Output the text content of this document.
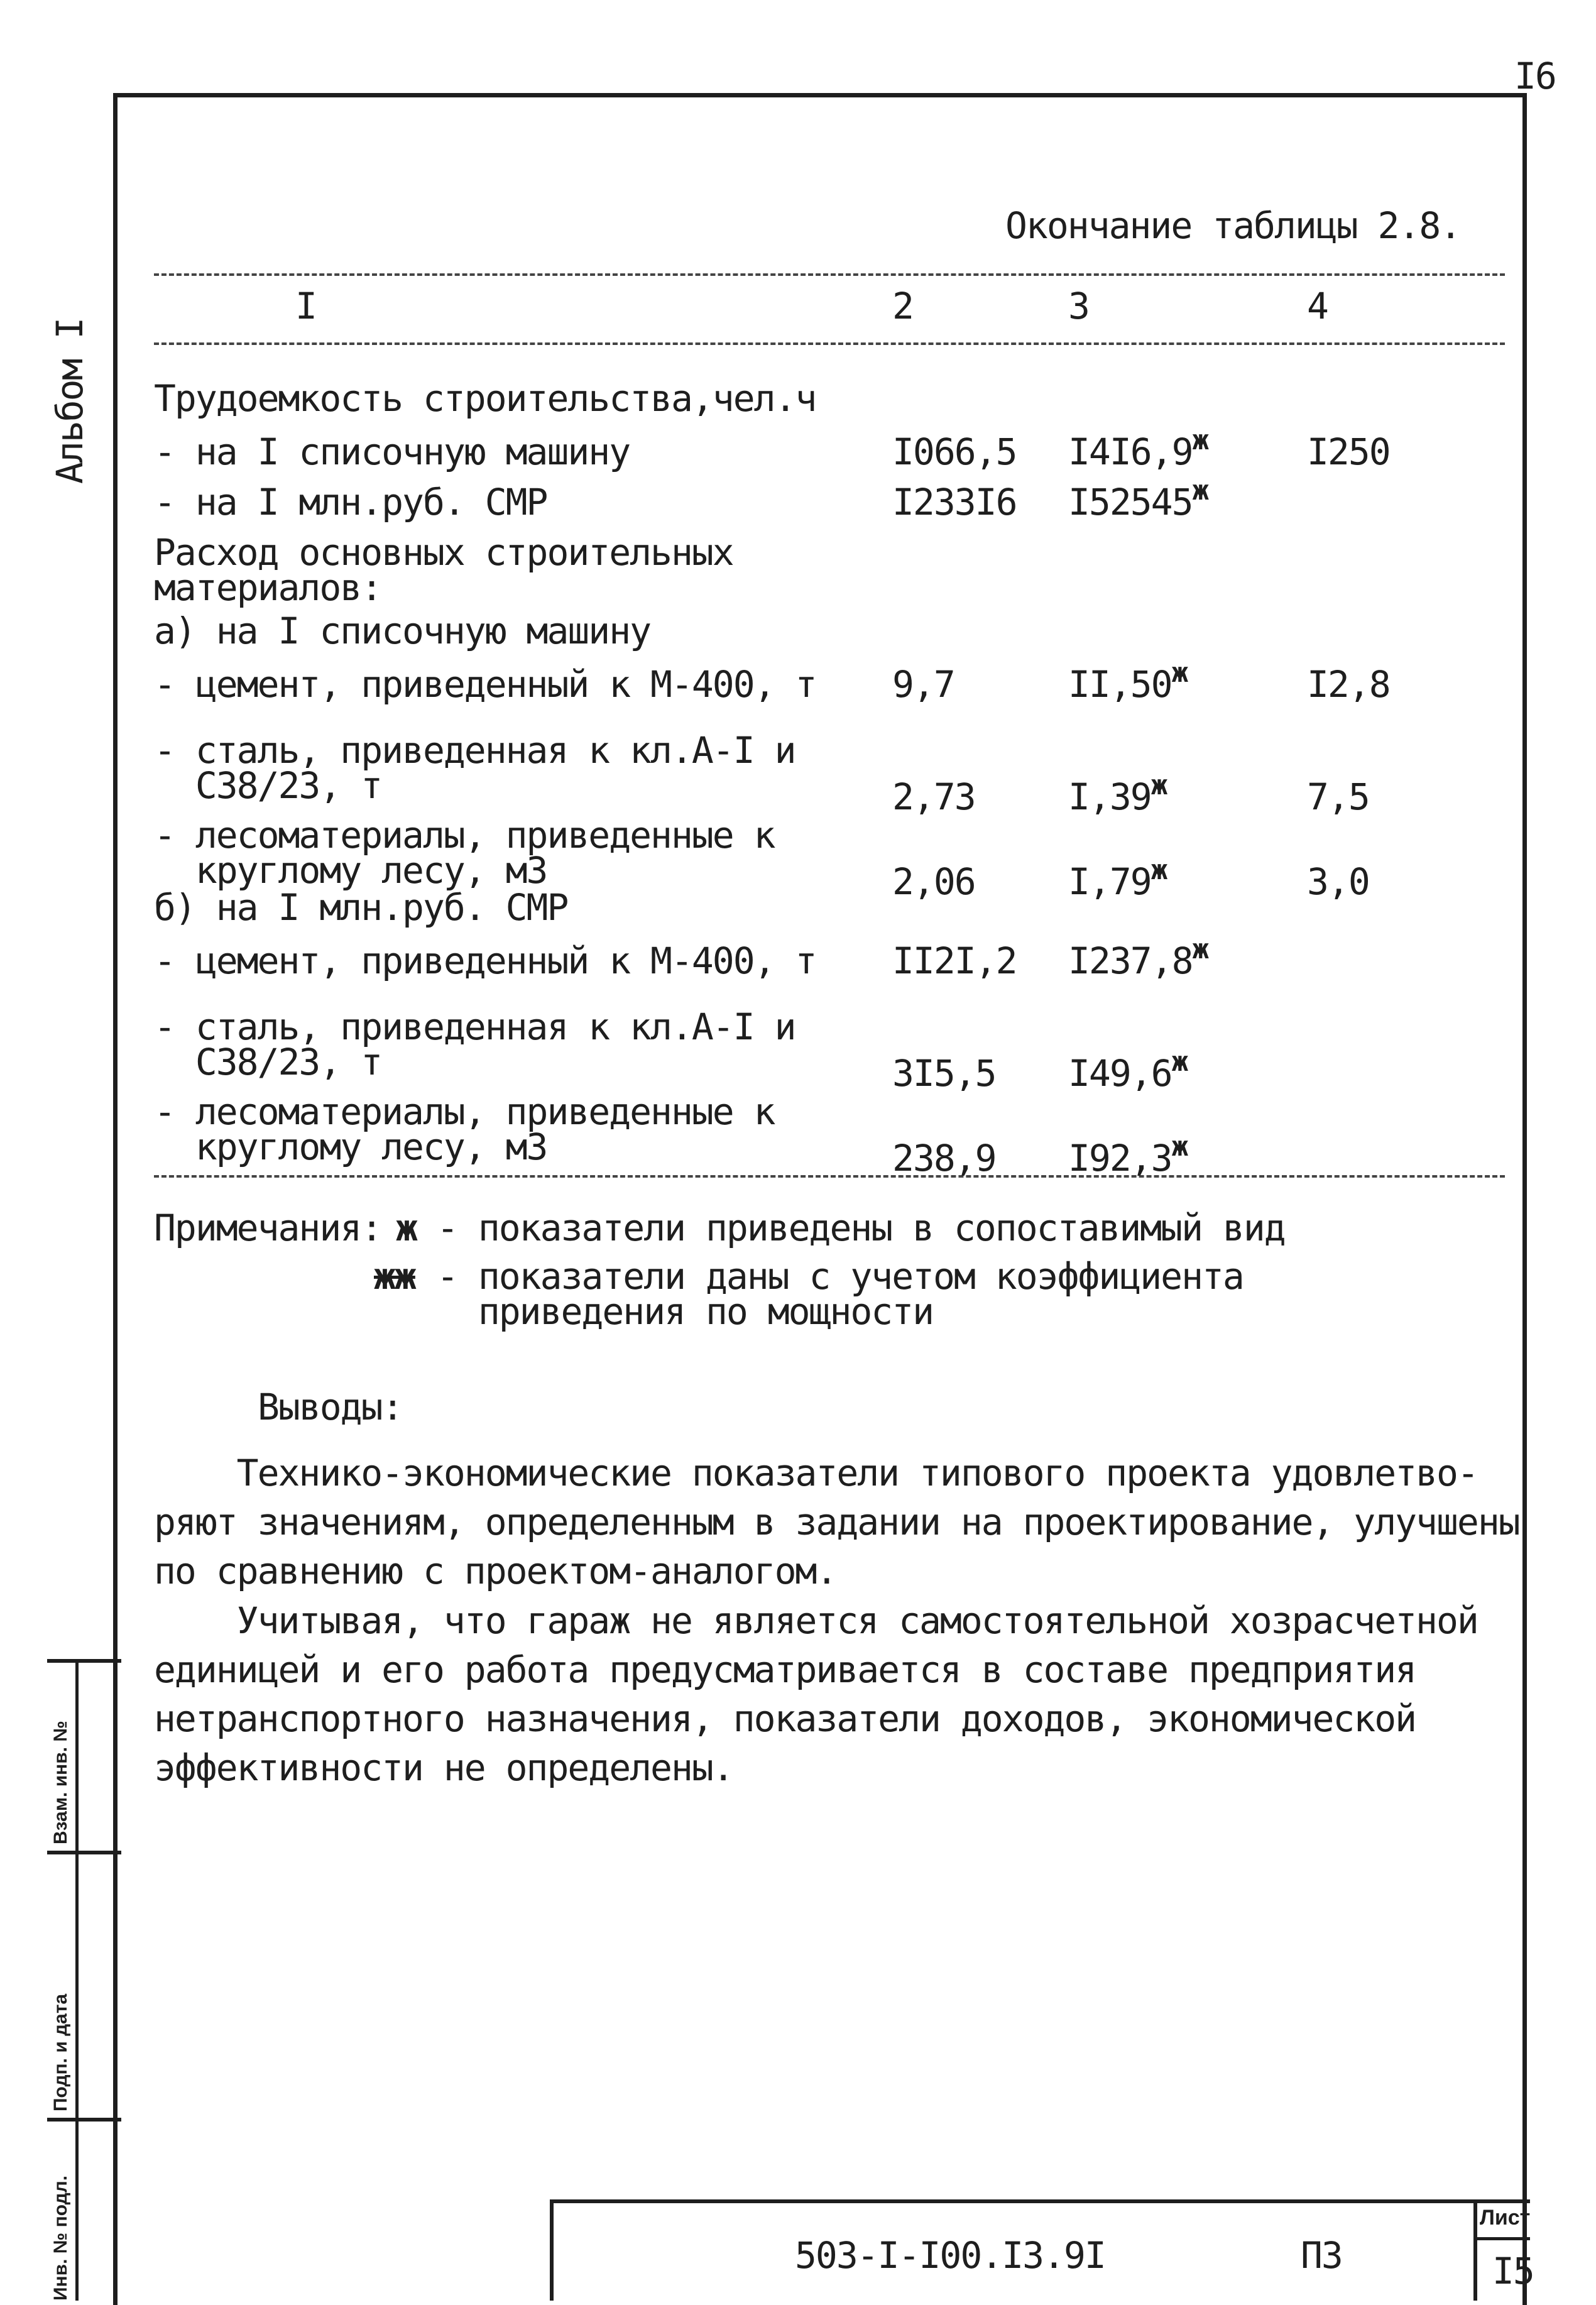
I6
Альбом I
Окончание таблицы 2.8.
I	2	3	4
Трудоемкость строительства,чел.ч
- на I списочную машину	I066,5 $I4I6,9^ж$	I250
- на I млн.руб. СМР	I233I6 $I52545^ж$
Расход основных строительных
материалов:
а) на I списочную машину
- цемент, приведенный к М-400, т 9,7	$II,50^ж$	I2,8
- сталь, приведенная к кл.А-I и
С38/23, т	2,73	$I,39^ж$	7,5
- лесоматериалы, приведенные к
круглому лесу, м3	2,06	$I,79^ж$	3,0
б) на I млн.руб. СМР
- цемент, приведенный к М-400, т II2I,2 $I237,8^ж$
- сталь, приведенная к кл.А-I и
С38/23, т	3I5,5 $I49,6^ж$
- лесоматериалы, приведенные к
круглому лесу, м3	238,9 $I92,3^ж$
Примечания: ж - показатели приведены в сопоставимый вид
жж - показатели даны с учетом коэффициента
приведения по мощности
Выводы:
Технико-экономические показатели типового проекта удовлетво-
ряют значениям, определенным в задании на проектирование, улучшены
по сравнению с проектом-аналогом.
Учитывая, что гараж не является самостоятельной хозрасчетной
единицей и его работа предусматривается в составе предприятия
нетранспортного назначения, показатели доходов, экономической
эффективности не определены.
Взам. инв. №
Подп. и дата
Инв. № подл.	503-I-I00.I3.9I	ПЗ
Лист
I5
